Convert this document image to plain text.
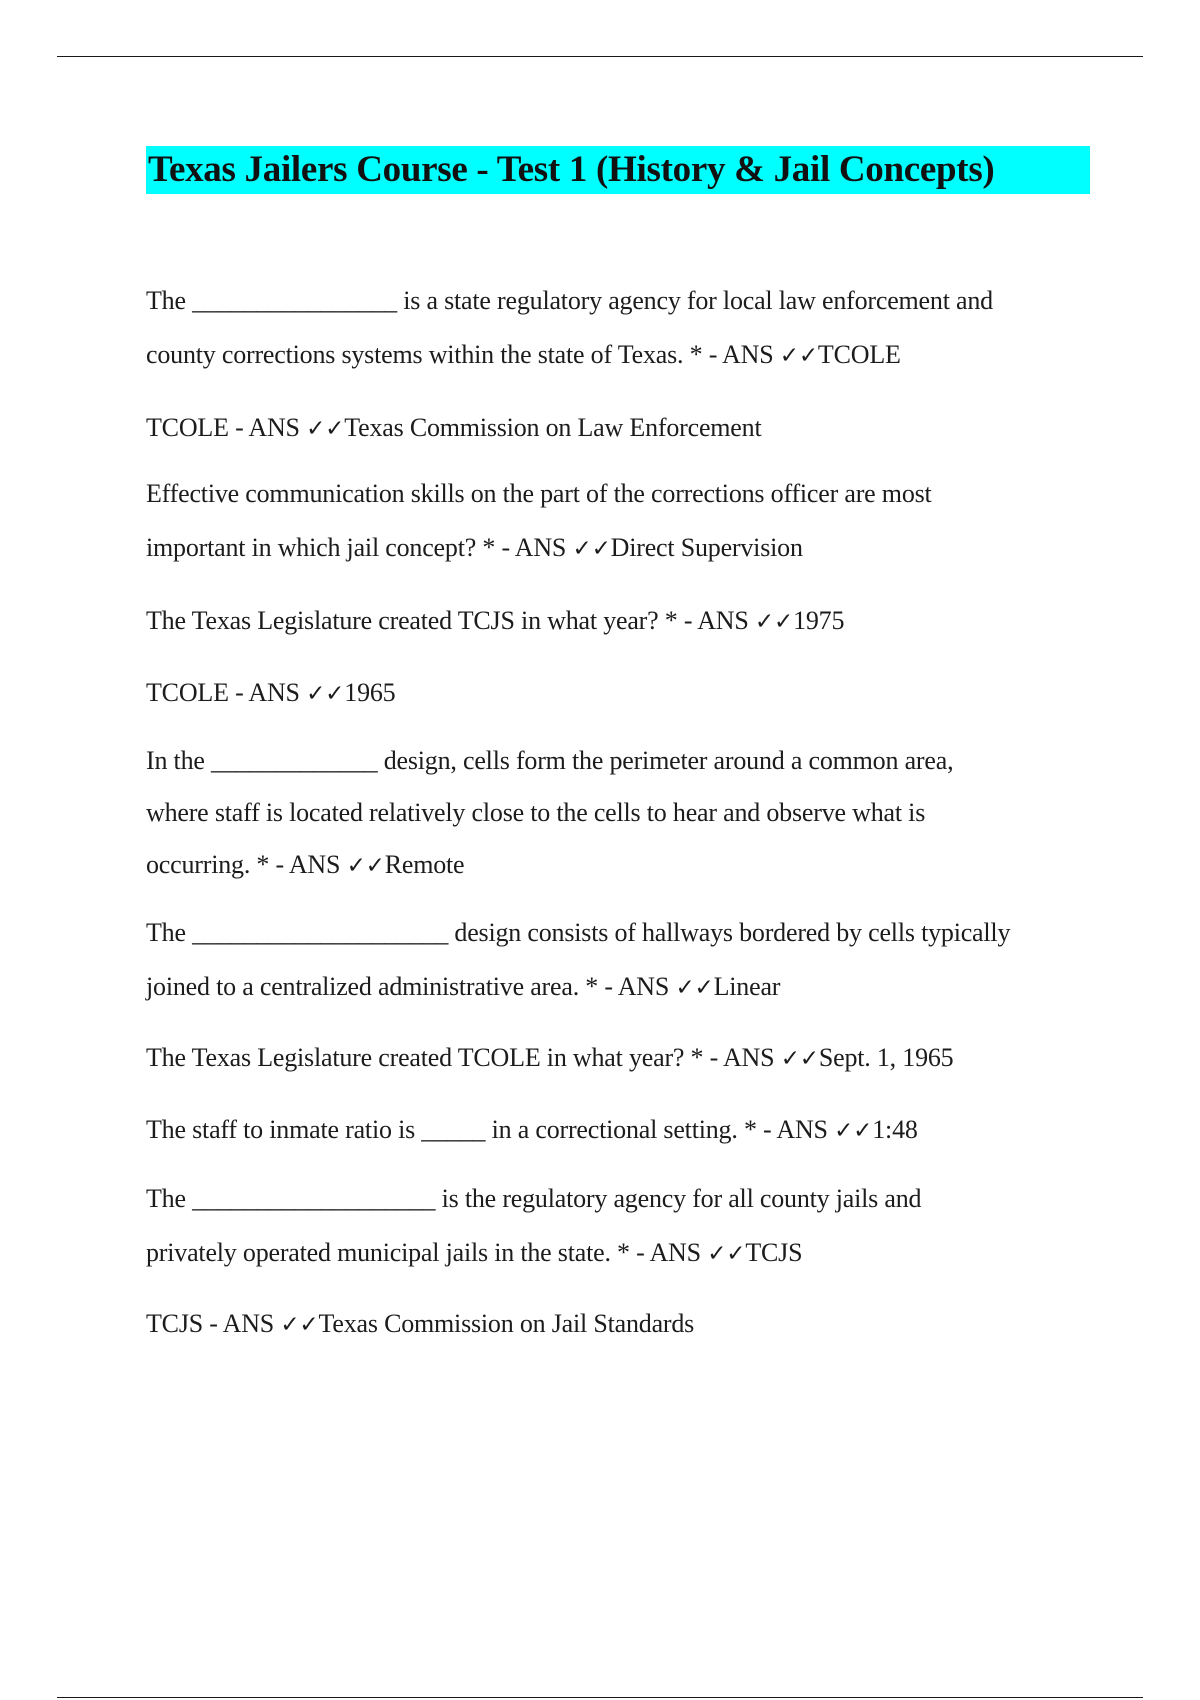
Texas Jailers Course - Test 1 (History & Jail Concepts)
The ________________ is a state regulatory agency for local law enforcement and
county corrections systems within the state of Texas. * - ANS ✓✓TCOLE
TCOLE - ANS ✓✓Texas Commission on Law Enforcement
Effective communication skills on the part of the corrections officer are most
important in which jail concept? * - ANS ✓✓Direct Supervision
The Texas Legislature created TCJS in what year? * - ANS ✓✓1975
TCOLE - ANS ✓✓1965
In the _____________ design, cells form the perimeter around a common area,
where staff is located relatively close to the cells to hear and observe what is
occurring. * - ANS ✓✓Remote
The ____________________ design consists of hallways bordered by cells typically
joined to a centralized administrative area. * - ANS ✓✓Linear
The Texas Legislature created TCOLE in what year? * - ANS ✓✓Sept. 1, 1965
The staff to inmate ratio is _____ in a correctional setting. * - ANS ✓✓1:48
The ___________________ is the regulatory agency for all county jails and
privately operated municipal jails in the state. * - ANS ✓✓TCJS
TCJS - ANS ✓✓Texas Commission on Jail Standards
